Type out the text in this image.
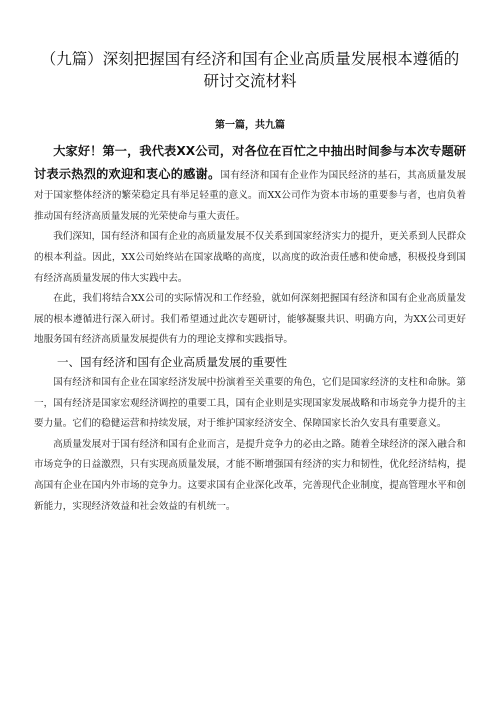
（九篇）深刻把握国有经济和国有企业高质量发展根本遵循的
研讨交流材料
第一篇，共九篇

大家好！第一，我代表XX公司，对各位在百忙之中抽出时间参与本次专题研讨表示热烈的欢迎和衷心的感谢。国有经济和国有企业作为国民经济的基石，其高质量发展对于国家整体经济的繁荣稳定具有举足轻重的意义。而XX公司作为资本市场的重要参与者，也肩负着推动国有经济高质量发展的光荣使命与重大责任。

我们深知，国有经济和国有企业的高质量发展不仅关系到国家经济实力的提升，更关系到人民群众的根本利益。因此，XX公司始终站在国家战略的高度，以高度的政治责任感和使命感，积极投身到国有经济高质量发展的伟大实践中去。

在此，我们将结合XX公司的实际情况和工作经验，就如何深刻把握国有经济和国有企业高质量发展的根本遵循进行深入研讨。我们希望通过此次专题研讨，能够凝聚共识、明确方向，为XX公司更好地服务国有经济高质量发展提供有力的理论支撑和实践指导。

一、国有经济和国有企业高质量发展的重要性

国有经济和国有企业在国家经济发展中扮演着至关重要的角色，它们是国家经济的支柱和命脉。第一，国有经济是国家宏观经济调控的重要工具，国有企业则是实现国家发展战略和市场竞争力提升的主要力量。它们的稳健运营和持续发展，对于维护国家经济安全、保障国家长治久安具有重要意义。

高质量发展对于国有经济和国有企业而言，是提升竞争力的必由之路。随着全球经济的深入融合和市场竞争的日益激烈，只有实现高质量发展，才能不断增强国有经济的实力和韧性，优化经济结构，提高国有企业在国内外市场的竞争力。这要求国有企业深化改革，完善现代企业制度，提高管理水平和创新能力，实现经济效益和社会效益的有机统一。
